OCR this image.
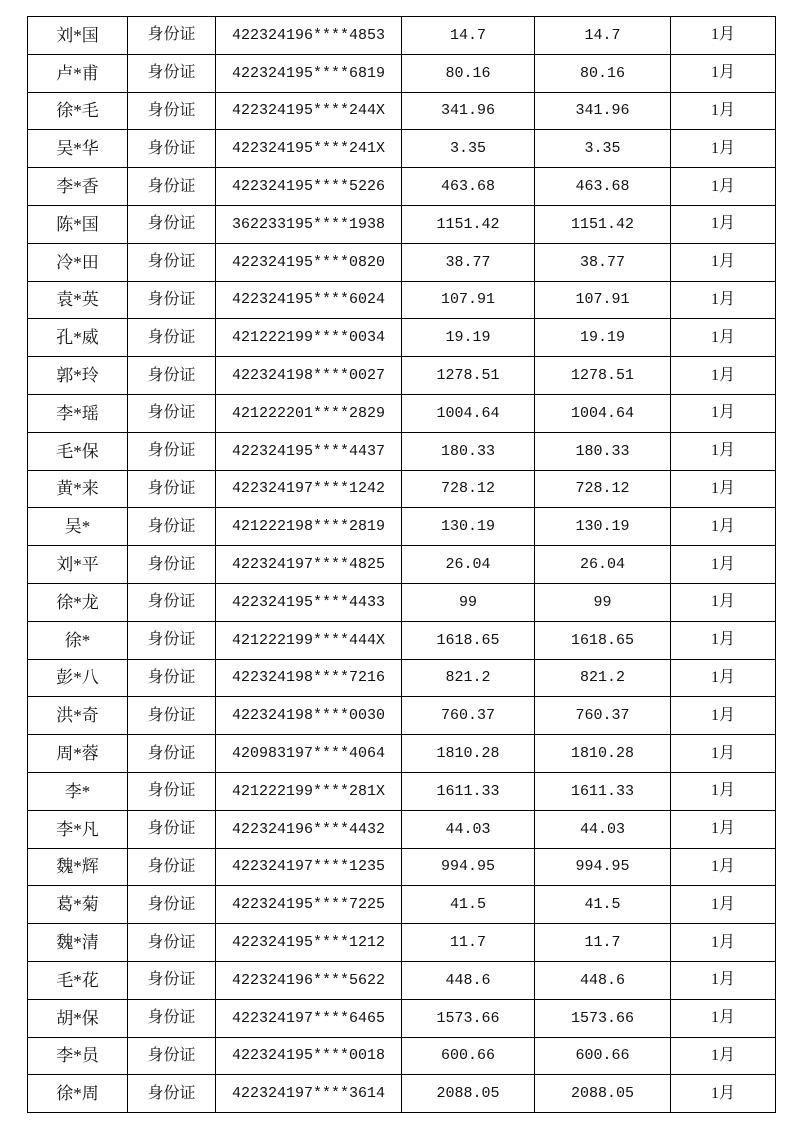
刘*国	身份证	422324196****4853	14.7	14.7	1月
卢*甫	身份证	422324195****6819	80.16	80.16	1月
徐*毛	身份证	422324195****244X	341.96	341.96	1月
吴*华	身份证	422324195****241X	3.35	3.35	1月
李*香	身份证	422324195****5226	463.68	463.68	1月
陈*国	身份证	362233195****1938	1151.42	1151.42	1月
冷*田	身份证	422324195****0820	38.77	38.77	1月
袁*英	身份证	422324195****6024	107.91	107.91	1月
孔*威	身份证	421222199****0034	19.19	19.19	1月
郭*玲	身份证	422324198****0027	1278.51	1278.51	1月
李*瑶	身份证	421222201****2829	1004.64	1004.64	1月
毛*保	身份证	422324195****4437	180.33	180.33	1月
黄*来	身份证	422324197****1242	728.12	728.12	1月
吴*	身份证	421222198****2819	130.19	130.19	1月
刘*平	身份证	422324197****4825	26.04	26.04	1月
徐*龙	身份证	422324195****4433	99	99	1月
徐*	身份证	421222199****444X	1618.65	1618.65	1月
彭*八	身份证	422324198****7216	821.2	821.2	1月
洪*奇	身份证	422324198****0030	760.37	760.37	1月
周*蓉	身份证	420983197****4064	1810.28	1810.28	1月
李*	身份证	421222199****281X	1611.33	1611.33	1月
李*凡	身份证	422324196****4432	44.03	44.03	1月
魏*辉	身份证	422324197****1235	994.95	994.95	1月
葛*菊	身份证	422324195****7225	41.5	41.5	1月
魏*清	身份证	422324195****1212	11.7	11.7	1月
毛*花	身份证	422324196****5622	448.6	448.6	1月
胡*保	身份证	422324197****6465	1573.66	1573.66	1月
李*员	身份证	422324195****0018	600.66	600.66	1月
徐*周	身份证	422324197****3614	2088.05	2088.05	1月
